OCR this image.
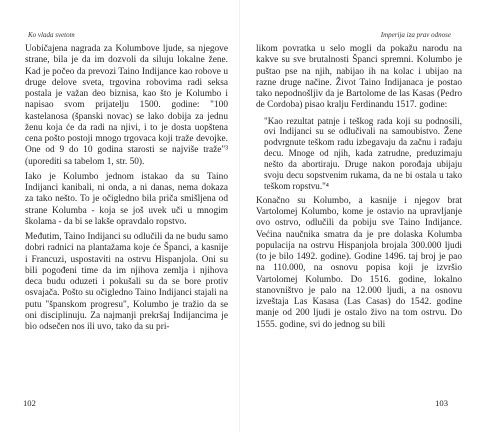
Ko vlada svetom

Uobičajena nagrada za Kolumbove ljude, sa njegove strane, bila je da im dozvoli da siluju lokalne žene. Kad je počeo da prevozi Taino Indijance kao robove u druge delove sveta, trgovina robovima radi seksa postala je važan deo biznisa, kao što je Kolumbo i napisao svom prijatelju 1500. godine: "100 kastelanosa (španski novac) se lako dobija za jednu ženu koja će da radi na njivi, i to je dosta uopštena cena pošto postoji mnogo trgovaca koji traže devojke. One od 9 do 10 godina starosti se najviše traže"³ (uporediti sa tabelom 1, str. 50).

Iako je Kolumbo jednom istakao da su Taino Indijanci kanibali, ni onda, a ni danas, nema dokaza za tako nešto. To je očigledno bila priča smišljena od strane Kolumba - koja se još uvek uči u mnogim školama - da bi se lakše opravdalo ropstvo.

Međutim, Taino Indijanci su odlučili da ne budu samo dobri radnici na plantažama koje će Španci, a kasnije i Francuzi, uspostaviti na ostrvu Hispanjola. Oni su bili pogođeni time da im njihova zemlja i njihova deca budu oduzeti i pokušali su da se bore protiv osvajača. Pošto su očigledno Taino Indijanci stajali na putu "španskom progresu", Kolumbo je tražio da se oni disciplinuju. Za najmanji prekršaj Indijancima je bio odsečen nos ili uvo, tako da su pri-

102
Imperija iza prav odnose

likom povratka u selo mogli da pokažu narodu na kakve su sve brutalnosti Španci spremni. Kolumbo je puštao pse na njih, nabijao ih na kolac i ubijao na razne druge načine. Život Taino Indijanaca je postao tako nepodnošljiv da je Bartolome de las Kasas (Pedro de Cordoba) pisao kralju Ferdinandu 1517. godine:

"Kao rezultat patnje i teškog rada koji su podnosili, ovi Indijanci su se odlučivali na samoubistvo. Žene podvrgnute teškom radu izbegavaju da začnu i rađaju decu. Mnoge od njih, kada zatrudne, preduzimaju nešto da abortiraju. Druge nakon porođaja ubijaju svoju decu sopstvenim rukama, da ne bi ostala u tako teškom ropstvu."⁴

Konačno su Kolumbo, a kasnije i njegov brat Vartolomej Kolumbo, kome je ostavio na upravljanje ovo ostrvo, odlučili da pobiju sve Taino Indijance. Većina naučnika smatra da je pre dolaska Kolumba populacija na ostrvu Hispanjola brojala 300.000 ljudi (to je bilo 1492. godine). Godine 1496. taj broj je pao na 110.000, na osnovu popisa koji je izvršio Vartolomej Kolumbo. Do 1516. godine, lokalno stanovništvo je palo na 12.000 ljudi, a na osnovu izveštaja Las Kasasa (Las Casas) do 1542. godine manje od 200 ljudi je ostalo živo na tom ostrvu. Do 1555. godine, svi do jednog su bili

103
